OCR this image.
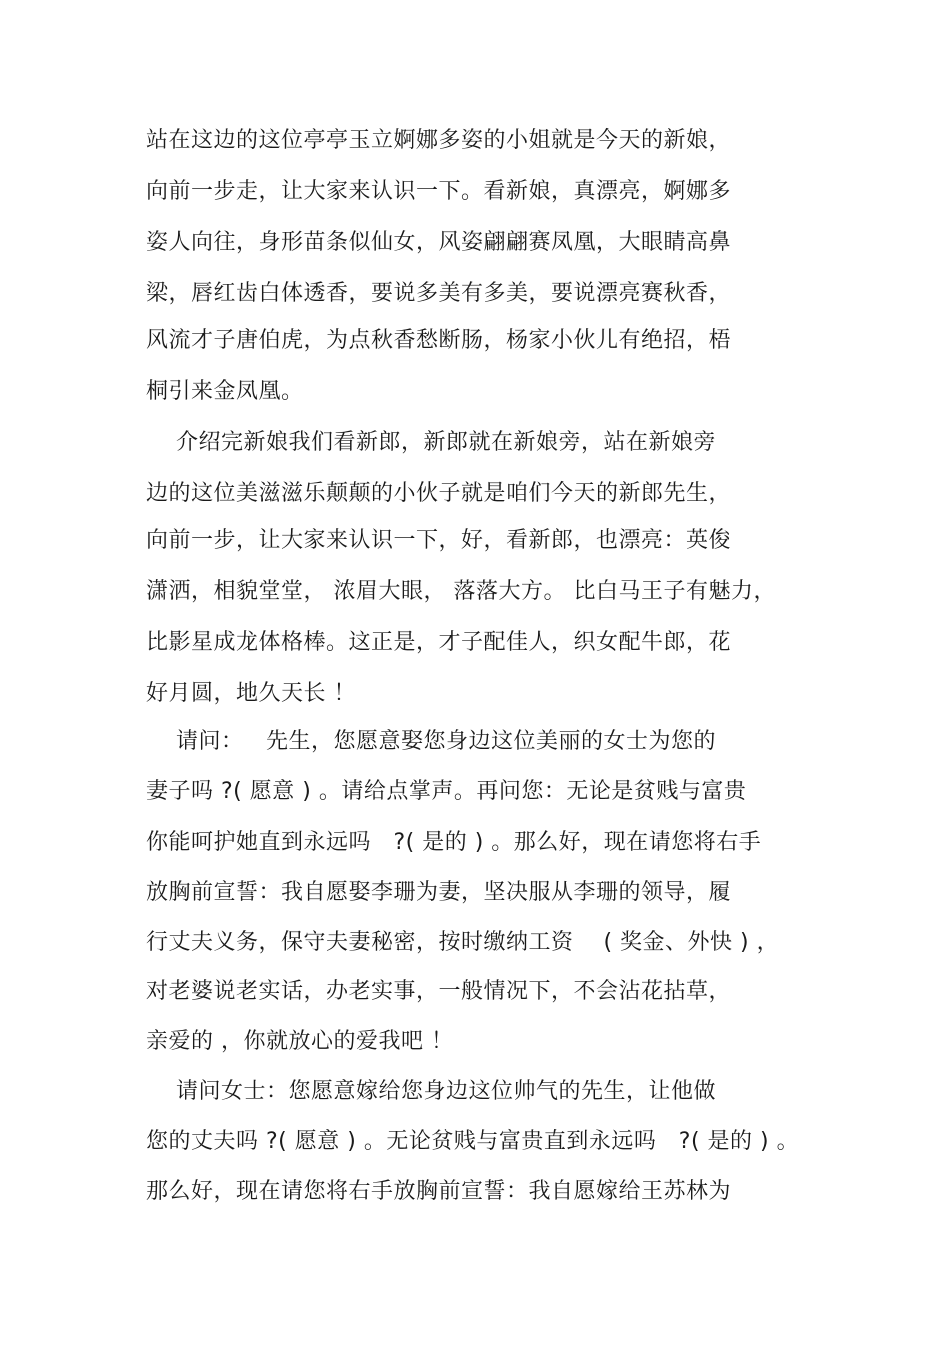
站在这边的这位亭亭玉立婀娜多姿的小姐就是今天的新娘，
向前一步走，让大家来认识一下。看新娘，真漂亮，婀娜多
姿人向往，身形苗条似仙女，风姿翩翩赛凤凰，大眼睛高鼻
梁，唇红齿白体透香，要说多美有多美，要说漂亮赛秋香，
风流才子唐伯虎，为点秋香愁断肠，杨家小伙儿有绝招，梧
桐引来金凤凰。
介绍完新娘我们看新郎，新郎就在新娘旁，站在新娘旁
边的这位美滋滋乐颠颠的小伙子就是咱们今天的新郎先生，
向前一步，让大家来认识一下，好，看新郎，也漂亮：英俊
潇洒，相貌堂堂， 浓眉大眼， 落落大方。 比白马王子有魅力，
比影星成龙体格棒。这正是，才子配佳人，织女配牛郎，花
好月圆，地久天长 ！
请问：   先生，您愿意娶您身边这位美丽的女士为您的
妻子吗 ?( 愿意 ) 。请给点掌声。再问您：无论是贫贱与富贵
你能呵护她直到永远吗   ?( 是的 ) 。那么好，现在请您将右手
放胸前宣誓：我自愿娶李珊为妻，坚决服从李珊的领导，履
行丈夫义务，保守夫妻秘密，按时缴纳工资    ( 奖金、外快 ) ，
对老婆说老实话，办老实事，一般情况下，不会沾花拈草，
亲爱的 ，你就放心的爱我吧 ！
请问女士：您愿意嫁给您身边这位帅气的先生，让他做
您的丈夫吗 ?( 愿意 ) 。无论贫贱与富贵直到永远吗   ?( 是的 ) 。
那么好，现在请您将右手放胸前宣誓：我自愿嫁给王苏林为
